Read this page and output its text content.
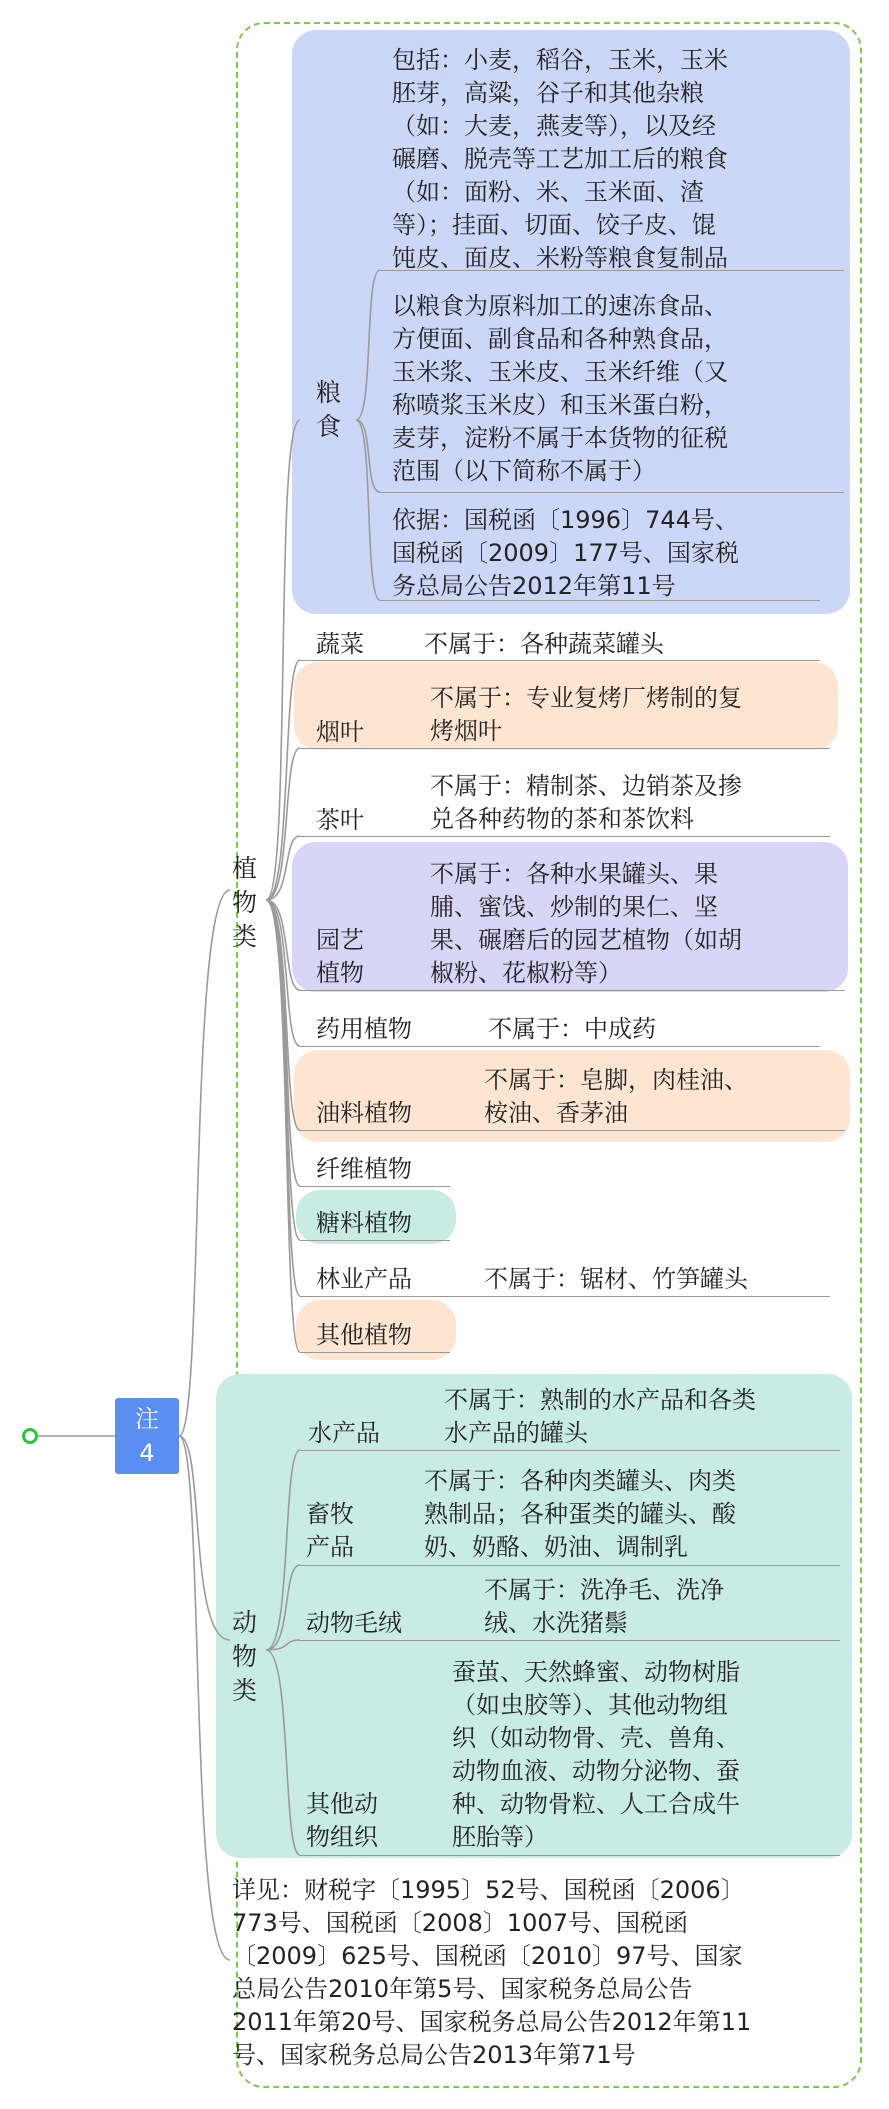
注
4
植物类
动物类
粮食
包括：小麦，稻谷，玉米，玉米
胚芽，高粱，谷子和其他杂粮
（如：大麦，燕麦等），以及经
碾磨、脱壳等工艺加工后的粮食
（如：面粉、米、玉米面、渣
等）；挂面、切面、饺子皮、馄
饨皮、面皮、米粉等粮食复制品
以粮食为原料加工的速冻食品、
方便面、副食品和各种熟食品，
玉米浆、玉米皮、玉米纤维（又
称喷浆玉米皮）和玉米蛋白粉，
麦芽，淀粉不属于本货物的征税
范围（以下简称不属于）
依据：国税函〔1996〕744号、
国税函〔2009〕177号、国家税
务总局公告2012年第11号
蔬菜	不属于：各种蔬菜罐头
烟叶
不属于：专业复烤厂烤制的复
烤烟叶
茶叶
不属于：精制茶、边销茶及掺
兑各种药物的茶和茶饮料
园艺
植物
不属于：各种水果罐头、果
脯、蜜饯、炒制的果仁、坚
果、碾磨后的园艺植物（如胡
椒粉、花椒粉等）
药用植物	不属于：中成药
油料植物
不属于：皂脚，肉桂油、
桉油、香茅油
纤维植物
糖料植物
林业产品	不属于：锯材、竹笋罐头
其他植物
水产品
不属于：熟制的水产品和各类
水产品的罐头
畜牧
产品
不属于：各种肉类罐头、肉类
熟制品；各种蛋类的罐头、酸
奶、奶酪、奶油、调制乳
动物毛绒
不属于：洗净毛、洗净
绒、水洗猪鬃
其他动
物组织
蚕茧、天然蜂蜜、动物树脂
（如虫胶等）、其他动物组
织（如动物骨、壳、兽角、
动物血液、动物分泌物、蚕
种、动物骨粒、人工合成牛
胚胎等）
详见：财税字〔1995〕52号、国税函〔2006〕
773号、国税函〔2008〕1007号、国税函
〔2009〕625号、国税函〔2010〕97号、国家
总局公告2010年第5号、国家税务总局公告
2011年第20号、国家税务总局公告2012年第11
号、国家税务总局公告2013年第71号
